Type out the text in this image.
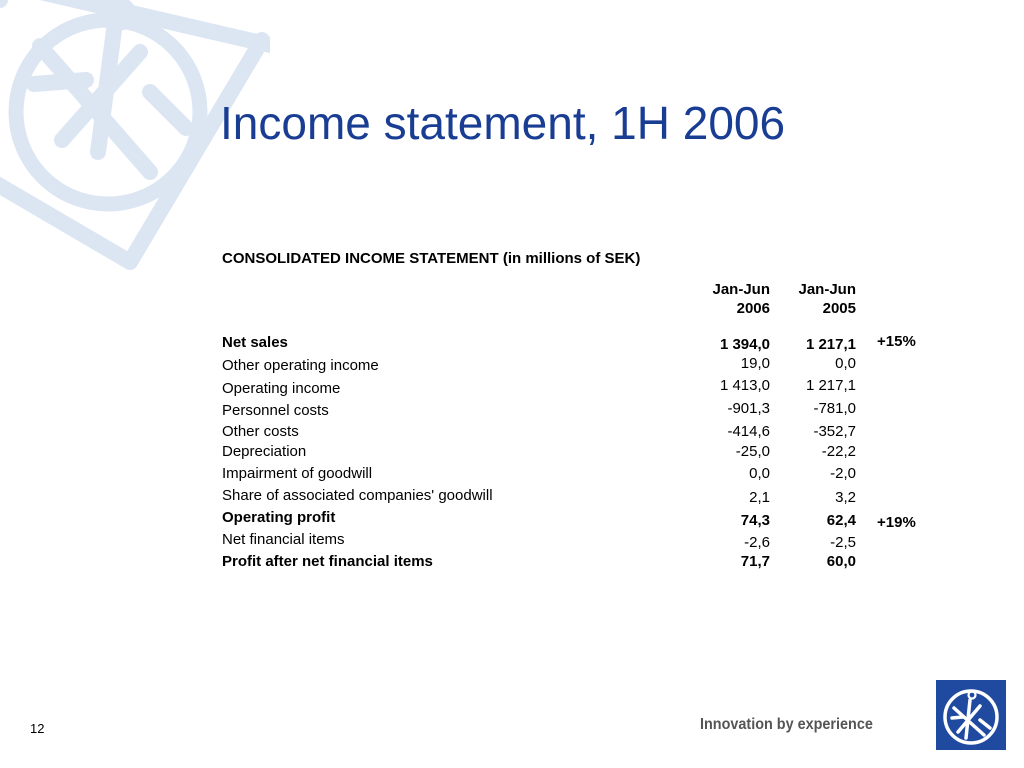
Income statement, 1H 2006
CONSOLIDATED INCOME STATEMENT (in millions of SEK)
Jan-Jun
2006
Jan-Jun
2005
Net sales	1 394,0	1 217,1 +15%
Other operating income	19,0	0,0
Operating income	1 413,0	1 217,1
Personnel costs	-901,3	-781,0
Other costs	-414,6	-352,7
Depreciation	-25,0	-22,2
Impairment of goodwill	0,0	-2,0
Share of associated companies' goodwill	2,1	3,2
Operating profit	74,3	62,4 +19%
Net financial items	-2,6	-2,5
Profit after net financial items	71,7	60,0
12	Innovation by experience
